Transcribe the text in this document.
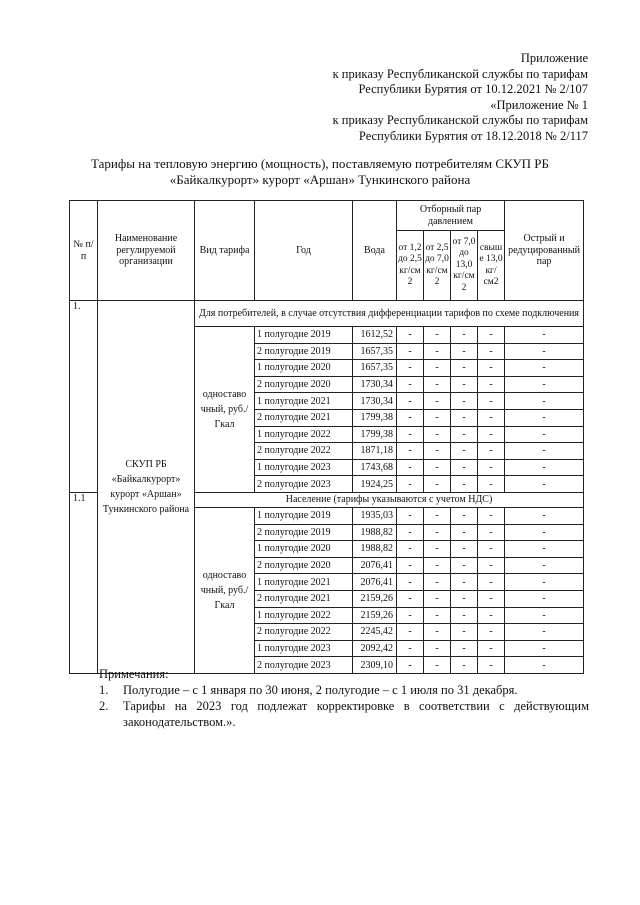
Приложение
к приказу Республиканской службы по тарифам
Республики Бурятия от 10.12.2021 № 2/107
«Приложение № 1
к приказу Республиканской службы по тарифам
Республики Бурятия от 18.12.2018 № 2/117
Тарифы на тепловую энергию (мощность), поставляемую потребителям СКУП РБ
«Байкалкурорт» курорт «Аршан» Тункинского района
№ п/п	Наименование регулируемой организации	Вид тарифа	Год	Вода	Отборный пар давлением				Острый и редуцированный пар
					от 1,2 до 2,5 кг/см 2	от 2,5 до 7,0 кг/см 2	от 7,0 до 13,0 кг/см 2	свыш е 13,0 кг/см2	
1.	СКУП РБ «Байкалкурорт» курорт «Аршан» Тункинского района	Для потребителей, в случае отсутствия дифференциации тарифов по схеме подключения							
		одноставо чный, руб./Гкал	1 полугодие 2019	1612,52	-	-	-	-	-
			2 полугодие 2019	1657,35	-	-	-	-	-
			1 полугодие 2020	1657,35	-	-	-	-	-
			2 полугодие 2020	1730,34	-	-	-	-	-
			1 полугодие 2021	1730,34	-	-	-	-	-
			2 полугодие 2021	1799,38	-	-	-	-	-
			1 полугодие 2022	1799,38	-	-	-	-	-
			2 полугодие 2022	1871,18	-	-	-	-	-
			1 полугодие 2023	1743,68	-	-	-	-	-
			2 полугодие 2023	1924,25	-	-	-	-	-
1.1		Население (тарифы указываются с учетом НДС)							
		одноставо чный, руб./Гкал	1 полугодие 2019	1935,03	-	-	-	-	-
			2 полугодие 2019	1988,82	-	-	-	-	-
			1 полугодие 2020	1988,82	-	-	-	-	-
			2 полугодие 2020	2076,41	-	-	-	-	-
			1 полугодие 2021	2076,41	-	-	-	-	-
			2 полугодие 2021	2159,26	-	-	-	-	-
			1 полугодие 2022	2159,26	-	-	-	-	-
			2 полугодие 2022	2245,42	-	-	-	-	-
			1 полугодие 2023	2092,42	-	-	-	-	-
			2 полугодие 2023	2309,10	-	-	-	-	-
Примечания:
1.	Полугодие – с 1 января по 30 июня, 2 полугодие – с 1 июля по 31 декабря.
2.	Тарифы на 2023 год подлежат корректировке в соответствии с действующим законодательством.».
